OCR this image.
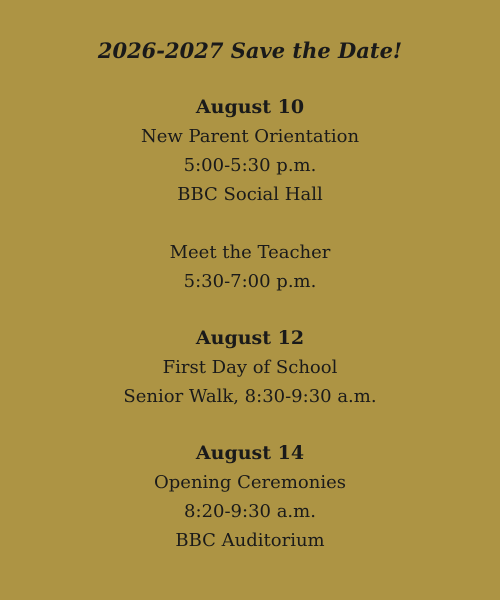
2026-2027 Save the Date!
August 10
New Parent Orientation
5:00-5:30 p.m.
BBC Social Hall
Meet the Teacher
5:30-7:00 p.m.
August 12
First Day of School
Senior Walk, 8:30-9:30 a.m.
August 14
Opening Ceremonies
8:20-9:30 a.m.
BBC Auditorium
